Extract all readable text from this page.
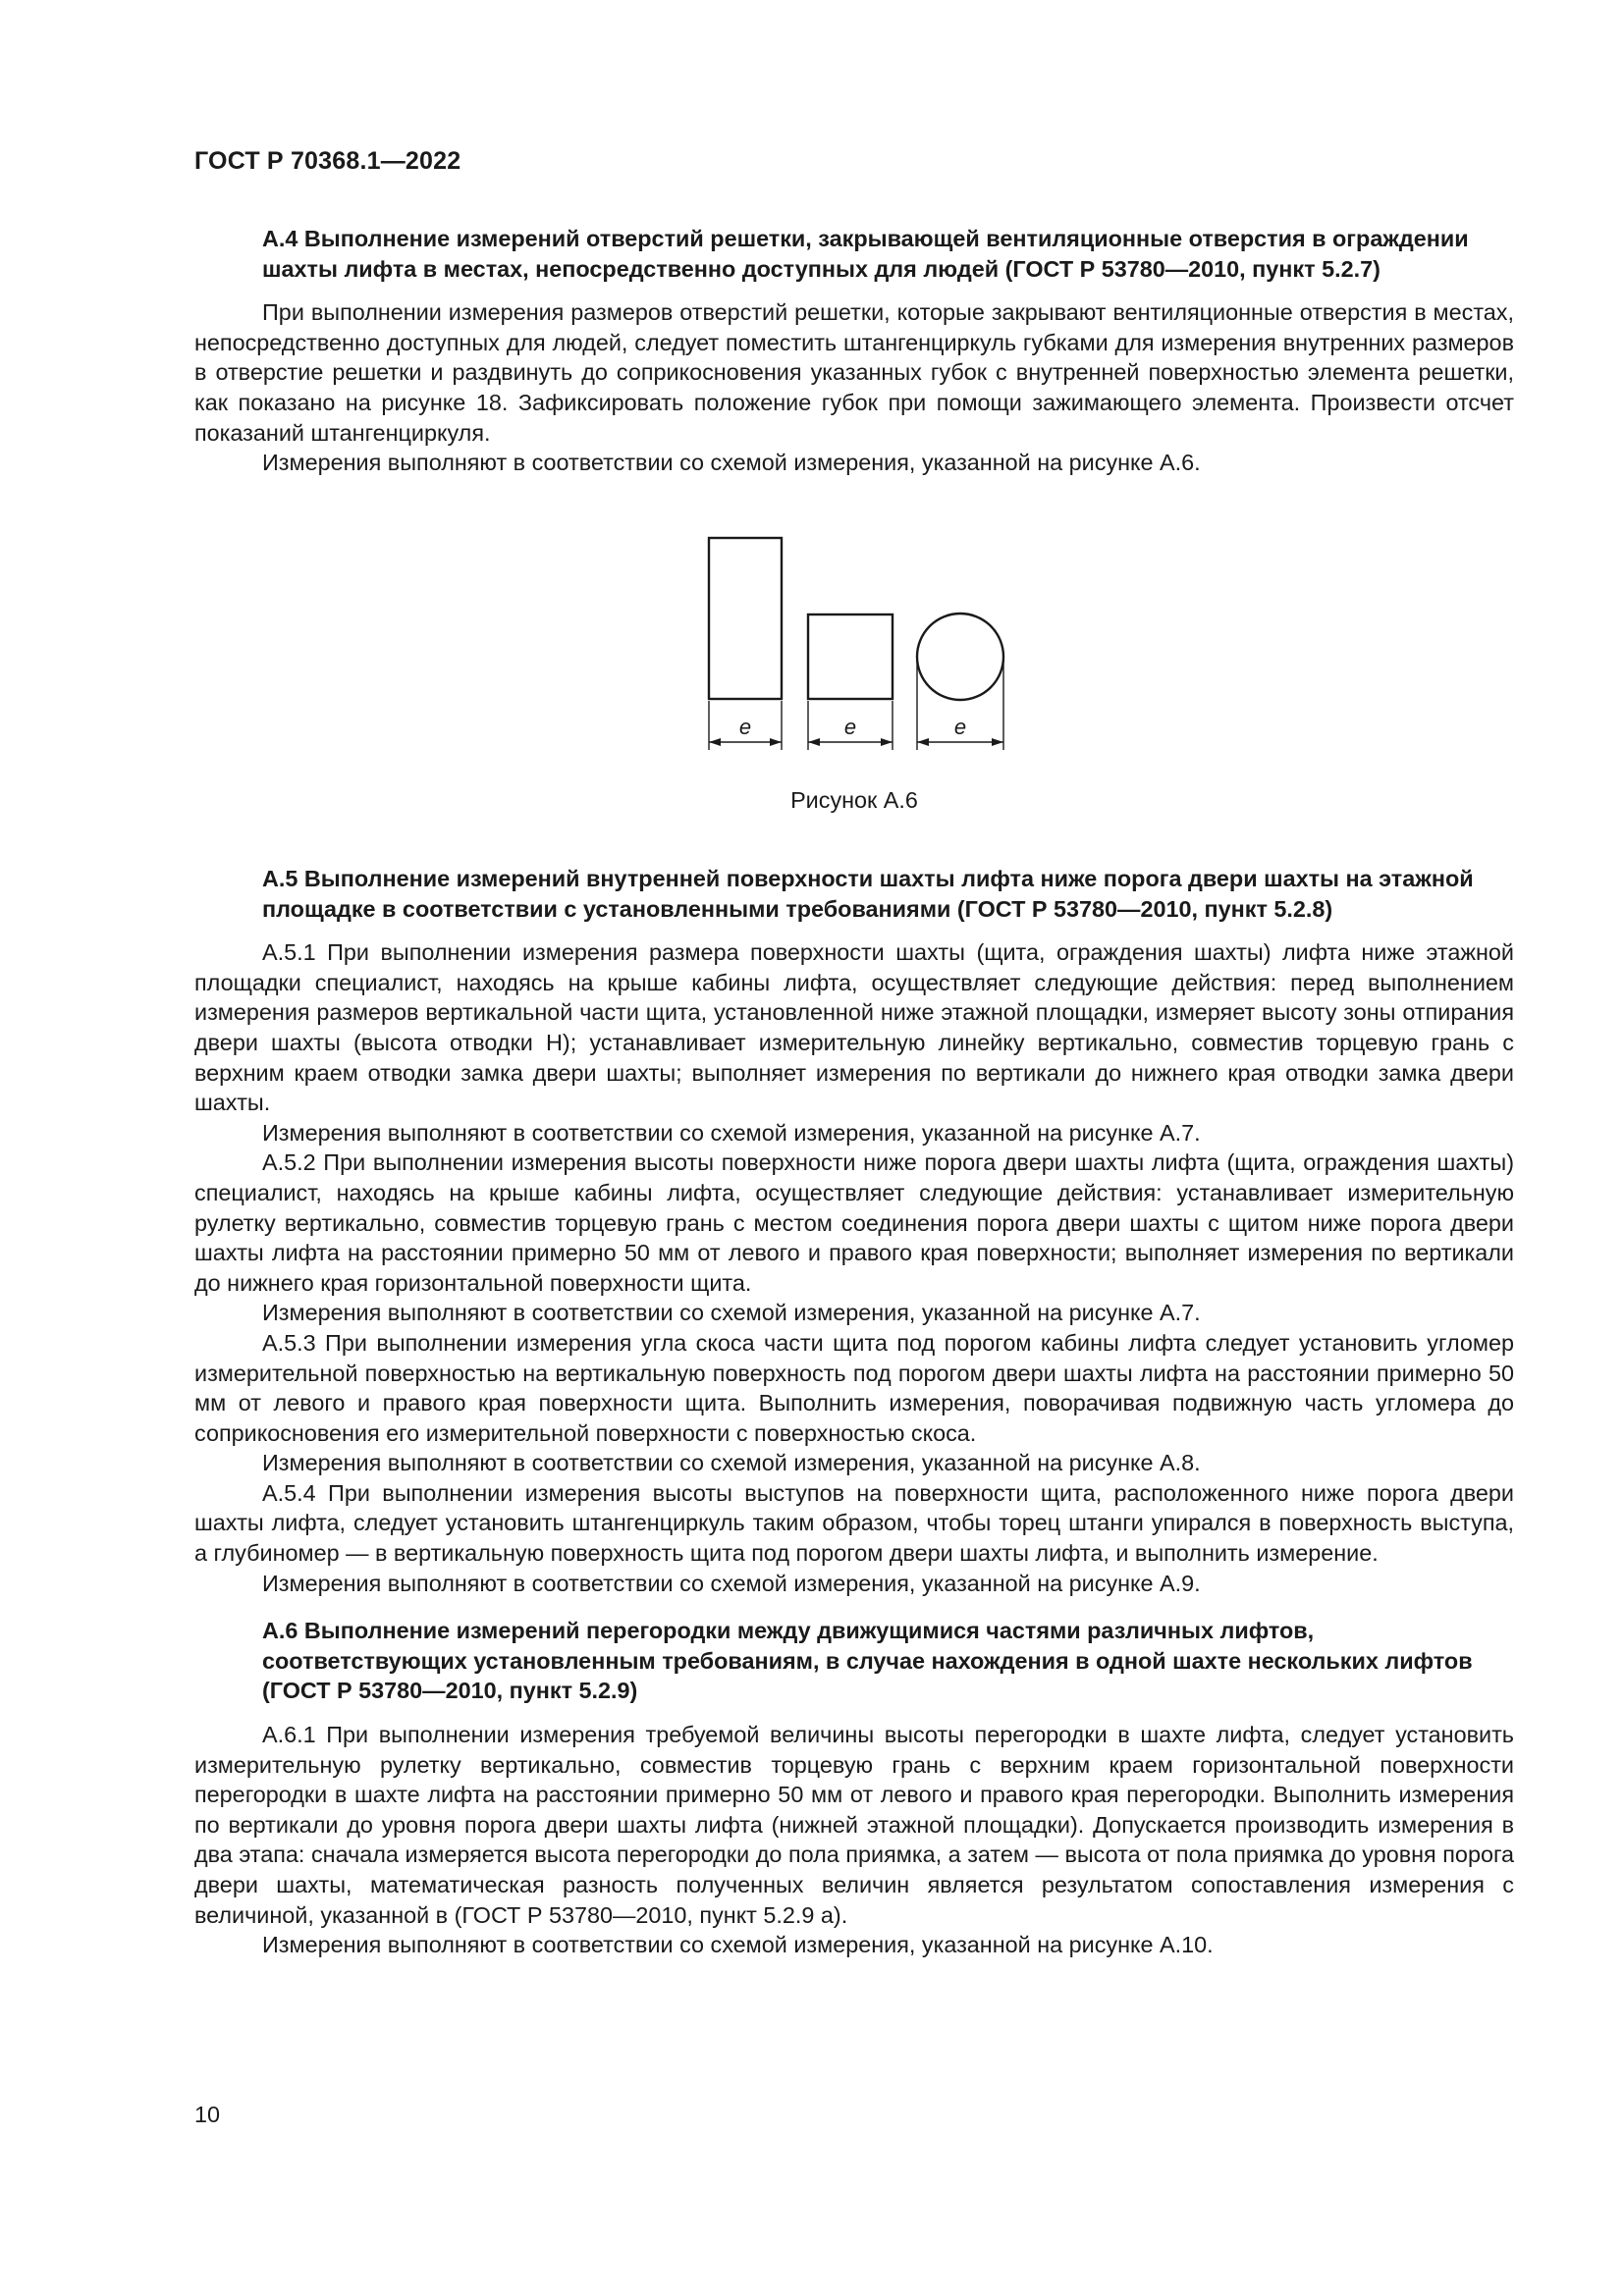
ГОСТ Р 70368.1—2022

А.4 Выполнение измерений отверстий решетки, закрывающей вентиляционные отверстия в ограждении шахты лифта в местах, непосредственно доступных для людей (ГОСТ Р 53780—2010, пункт 5.2.7)

При выполнении измерения размеров отверстий решетки, которые закрывают вентиляционные отверстия в местах, непосредственно доступных для людей, следует поместить штангенциркуль губками для измерения внутренних размеров в отверстие решетки и раздвинуть до соприкосновения указанных губок с внутренней поверхностью элемента решетки, как показано на рисунке 18. Зафиксировать положение губок при помощи зажимающего элемента. Произвести отсчет показаний штангенциркуля.

Измерения выполняют в соответствии со схемой измерения, указанной на рисунке А.6.

e	e	e
Рисунок А.6

А.5 Выполнение измерений внутренней поверхности шахты лифта ниже порога двери шахты на этажной площадке в соответствии с установленными требованиями (ГОСТ Р 53780—2010, пункт 5.2.8)

А.5.1 При выполнении измерения размера поверхности шахты (щита, ограждения шахты) лифта ниже этажной площадки специалист, находясь на крыше кабины лифта, осуществляет следующие действия: перед выполнением измерения размеров вертикальной части щита, установленной ниже этажной площадки, измеряет высоту зоны отпирания двери шахты (высота отводки Н); устанавливает измерительную линейку вертикально, совместив торцевую грань с верхним краем отводки замка двери шахты; выполняет измерения по вертикали до нижнего края отводки замка двери шахты.

Измерения выполняют в соответствии со схемой измерения, указанной на рисунке А.7.

А.5.2 При выполнении измерения высоты поверхности ниже порога двери шахты лифта (щита, ограждения шахты) специалист, находясь на крыше кабины лифта, осуществляет следующие действия: устанавливает измерительную рулетку вертикально, совместив торцевую грань с местом соединения порога двери шахты с щитом ниже порога двери шахты лифта на расстоянии примерно 50 мм от левого и правого края поверхности; выполняет измерения по вертикали до нижнего края горизонтальной поверхности щита.

Измерения выполняют в соответствии со схемой измерения, указанной на рисунке А.7.

А.5.3 При выполнении измерения угла скоса части щита под порогом кабины лифта следует установить угломер измерительной поверхностью на вертикальную поверхность под порогом двери шахты лифта на расстоянии примерно 50 мм от левого и правого края поверхности щита. Выполнить измерения, поворачивая подвижную часть угломера до соприкосновения его измерительной поверхности с поверхностью скоса.

Измерения выполняют в соответствии со схемой измерения, указанной на рисунке А.8.

А.5.4 При выполнении измерения высоты выступов на поверхности щита, расположенного ниже порога двери шахты лифта, следует установить штангенциркуль таким образом, чтобы торец штанги упирался в поверхность выступа, а глубиномер — в вертикальную поверхность щита под порогом двери шахты лифта, и выполнить измерение.

Измерения выполняют в соответствии со схемой измерения, указанной на рисунке А.9.

А.6 Выполнение измерений перегородки между движущимися частями различных лифтов, соответствующих установленным требованиям, в случае нахождения в одной шахте нескольких лифтов (ГОСТ Р 53780—2010, пункт 5.2.9)

А.6.1 При выполнении измерения требуемой величины высоты перегородки в шахте лифта, следует установить измерительную рулетку вертикально, совместив торцевую грань с верхним краем горизонтальной поверхности перегородки в шахте лифта на расстоянии примерно 50 мм от левого и правого края перегородки. Выполнить измерения по вертикали до уровня порога двери шахты лифта (нижней этажной площадки). Допускается производить измерения в два этапа: сначала измеряется высота перегородки до пола приямка, а затем — высота от пола приямка до уровня порога двери шахты, математическая разность полученных величин является результатом сопоставления измерения с величиной, указанной в (ГОСТ Р 53780—2010, пункт 5.2.9 а).

Измерения выполняют в соответствии со схемой измерения, указанной на рисунке А.10.

10
